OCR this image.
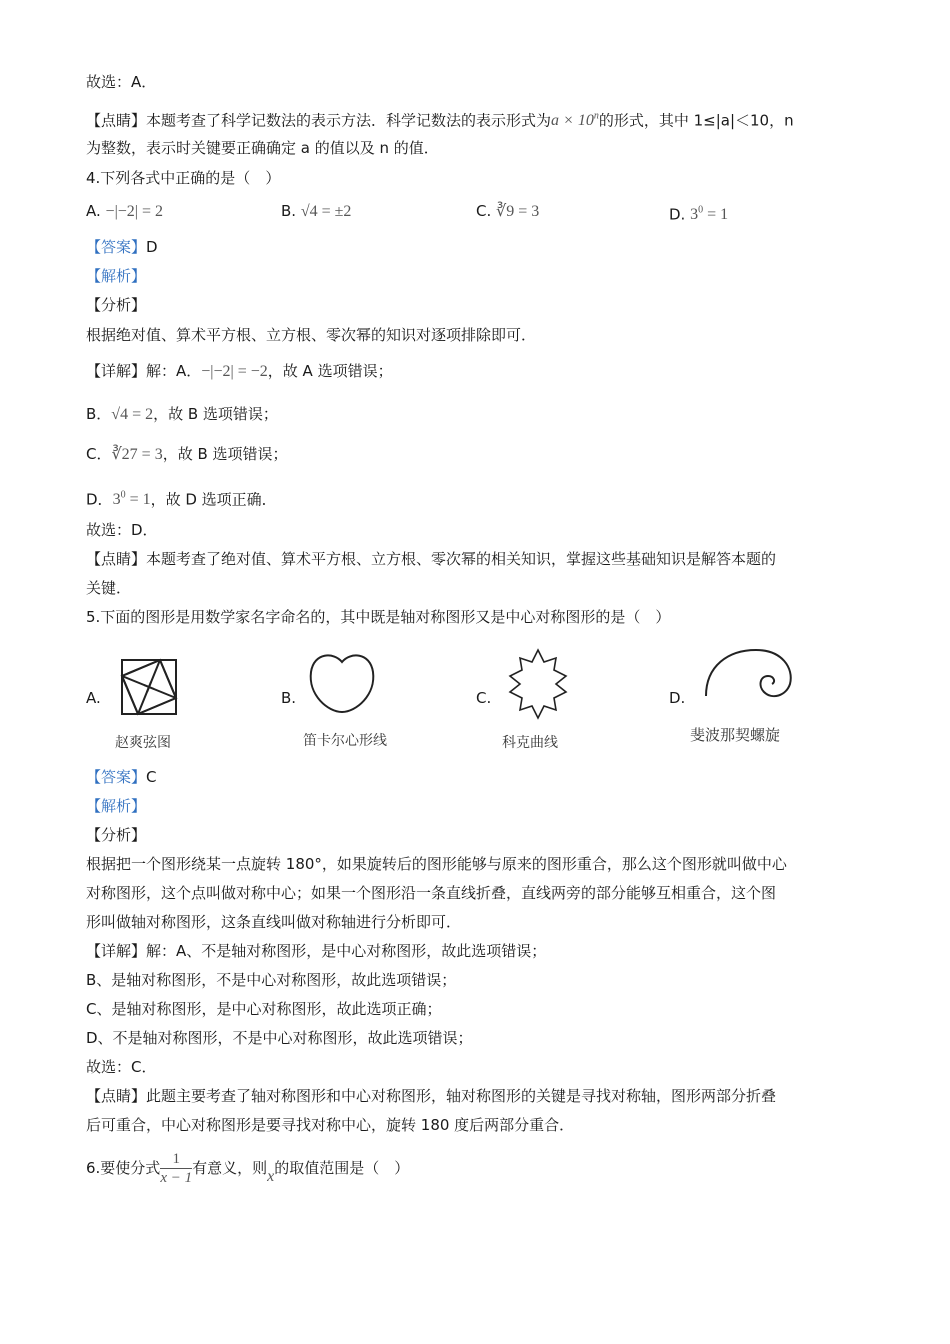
故选：A．
【点睛】本题考查了科学记数法的表示方法．科学记数法的表示形式为$a \times 10^n$的形式，其中 1≤|a|＜10，n
为整数，表示时关键要正确确定 a 的值以及 n 的值．
4.下列各式中正确的是（　）
A. −|−2| = 2	B. √4 = ±2	C. ∛9 = 3	D. $3^0 = 1$
【答案】D
【解析】
【分析】
根据绝对值、算术平方根、立方根、零次幂的知识对逐项排除即可．
【详解】解：A．−|−2| = −2，故 A 选项错误；
B．√4 = 2，故 B 选项错误；
C．∛27 = 3，故 B 选项错误；
D．$3^0 = 1$，故 D 选项正确．
故选：D．
【点睛】本题考查了绝对值、算术平方根、立方根、零次幂的相关知识，掌握这些基础知识是解答本题的
关键．
5.下面的图形是用数学家名字命名的，其中既是轴对称图形又是中心对称图形的是（　）
A.	B.	C.	D.
赵爽弦图	笛卡尔心形线	科克曲线	斐波那契螺旋
【答案】C
【解析】
【分析】
根据把一个图形绕某一点旋转 180°，如果旋转后的图形能够与原来的图形重合，那么这个图形就叫做中心
对称图形，这个点叫做对称中心；如果一个图形沿一条直线折叠，直线两旁的部分能够互相重合，这个图
形叫做轴对称图形，这条直线叫做对称轴进行分析即可．
【详解】解：A、不是轴对称图形，是中心对称图形，故此选项错误；
B、是轴对称图形，不是中心对称图形，故此选项错误；
C、是轴对称图形，是中心对称图形，故此选项正确；
D、不是轴对称图形，不是中心对称图形，故此选项错误；
故选：C．
【点睛】此题主要考查了轴对称图形和中心对称图形，轴对称图形的关键是寻找对称轴，图形两部分折叠
后可重合，中心对称图形是要寻找对称中心，旋转 180 度后两部分重合．
6.要使分式 $\frac{1}{x - 1}$ 有意义，则x的取值范围是（　）
